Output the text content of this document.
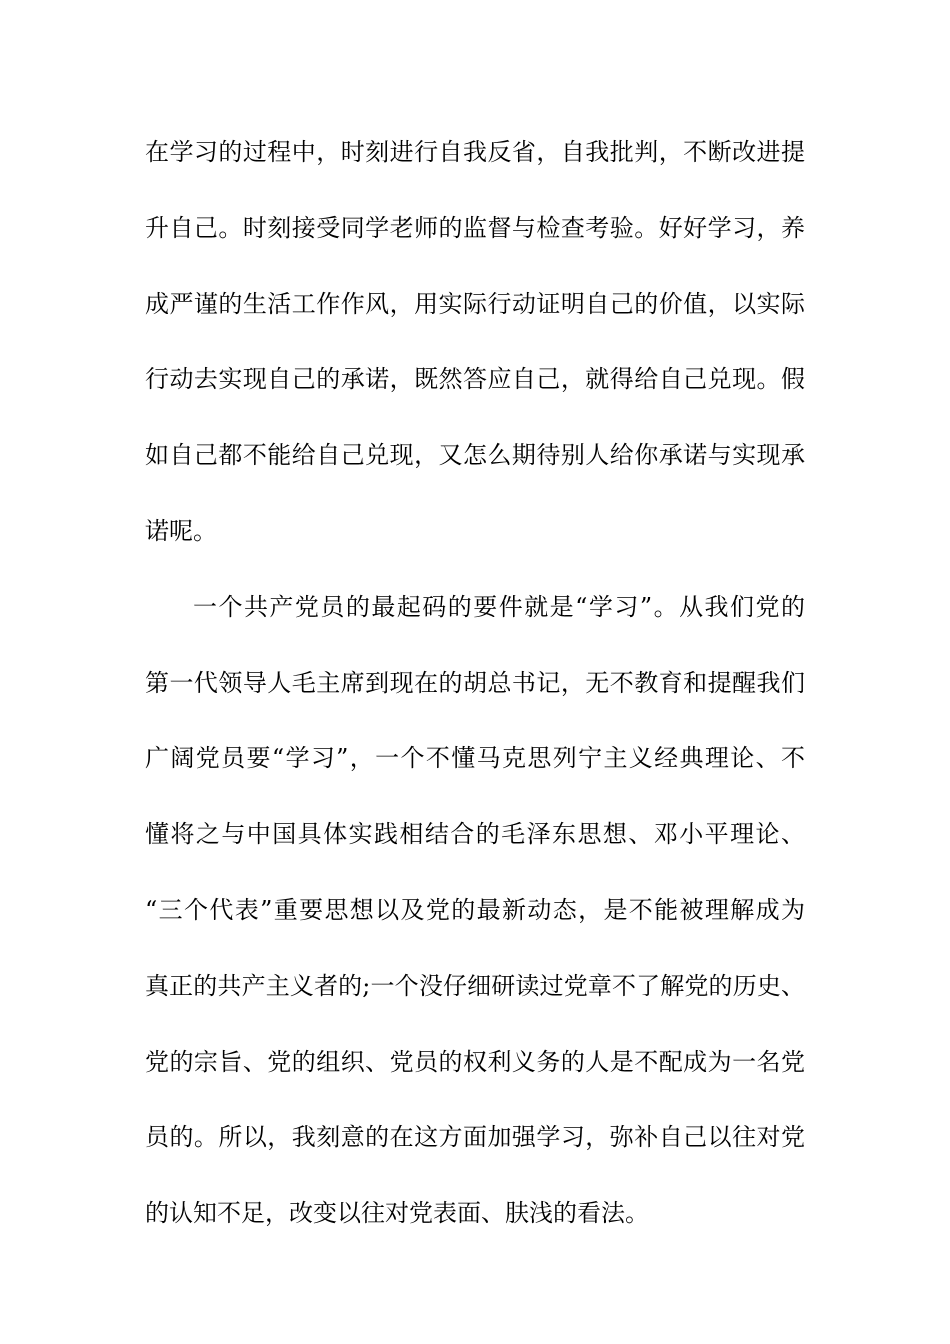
在学习的过程中，时刻进行自我反省，自我批判，不断改进提
升自己。时刻接受同学老师的监督与检查考验。好好学习，养
成严谨的生活工作作风，用实际行动证明自己的价值，以实际
行动去实现自己的承诺，既然答应自己，就得给自己兑现。假
如自己都不能给自己兑现，又怎么期待别人给你承诺与实现承
诺呢。
一个共产党员的最起码的要件就是“学习”。从我们党的
第一代领导人毛主席到现在的胡总书记，无不教育和提醒我们
广阔党员要“学习”，一个不懂马克思列宁主义经典理论、不
懂将之与中国具体实践相结合的毛泽东思想、邓小平理论、
“三个代表”重要思想以及党的最新动态，是不能被理解成为
真正的共产主义者的;一个没仔细研读过党章不了解党的历史、
党的宗旨、党的组织、党员的权利义务的人是不配成为一名党
员的。所以，我刻意的在这方面加强学习，弥补自己以往对党
的认知不足，改变以往对党表面、肤浅的看法。
